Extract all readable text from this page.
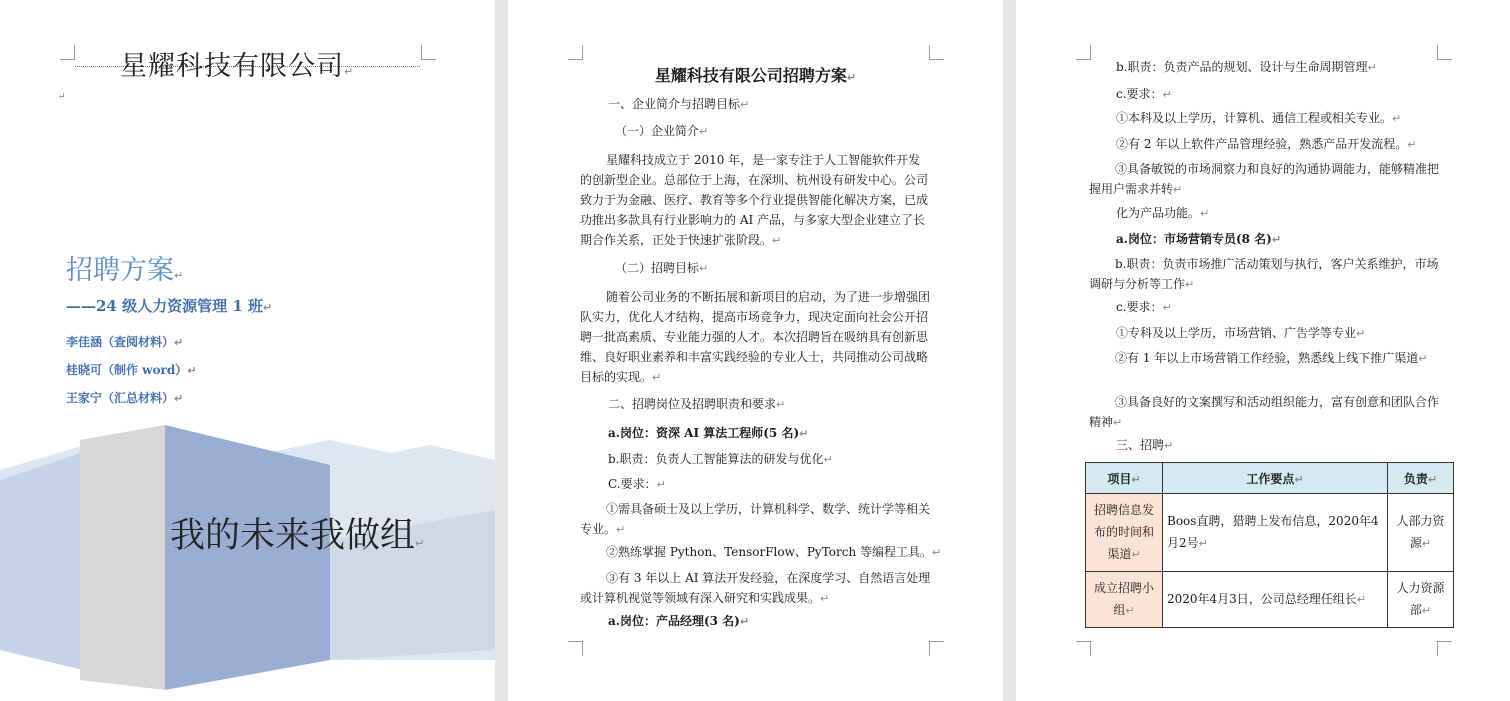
星耀科技有限公司↵
↵
招聘方案↵
——24 级人力资源管理 1 班↵
李佳涵（查阅材料）↵
桂晓可（制作 word）↵
王家宁（汇总材料）↵
我的未来我做组↵
星耀科技有限公司招聘方案↵
一、企业简介与招聘目标↵
（一）企业简介↵
星耀科技成立于 2010 年，是一家专注于人工智能软件开发的创新型企业。总部位于上海，在深圳、杭州设有研发中心。公司致力于为金融、医疗、教育等多个行业提供智能化解决方案，已成功推出多款具有行业影响力的 AI 产品，与多家大型企业建立了长期合作关系，正处于快速扩张阶段。↵
（二）招聘目标↵
随着公司业务的不断拓展和新项目的启动，为了进一步增强团队实力，优化人才结构，提高市场竞争力，现决定面向社会公开招聘一批高素质、专业能力强的人才。本次招聘旨在吸纳具有创新思维、良好职业素养和丰富实践经验的专业人士，共同推动公司战略目标的实现。↵
二、招聘岗位及招聘职责和要求↵
a.岗位：资深 AI 算法工程师(5 名)↵
b.职责：负责人工智能算法的研发与优化↵
C.要求：↵
①需具备硕士及以上学历，计算机科学、数学、统计学等相关专业。↵
②熟练掌握 Python、TensorFlow、PyTorch 等编程工具。↵
③有 3 年以上 AI 算法开发经验，在深度学习、自然语言处理或计算机视觉等领域有深入研究和实践成果。↵
a.岗位：产品经理(3 名)↵
b.职责：负责产品的规划、设计与生命周期管理↵
c.要求：↵
①本科及以上学历，计算机、通信工程或相关专业。↵
②有 2 年以上软件产品管理经验，熟悉产品开发流程。↵
③具备敏锐的市场洞察力和良好的沟通协调能力，能够精准把握用户需求并转↵
化为产品功能。↵
a.岗位：市场营销专员(8 名)↵
b.职责：负责市场推广活动策划与执行，客户关系维护，市场调研与分析等工作↵
c.要求：↵
①专科及以上学历，市场营销、广告学等专业↵
②有 1 年以上市场营销工作经验，熟悉线上线下推广渠道↵
③具备良好的文案撰写和活动组织能力，富有创意和团队合作精神↵
三、招聘↵
项目↵	工作要点↵	负责↵
招聘信息发布的时间和渠道↵	Boos直聘，猎聘上发布信息，2020年4月2号↵	人部力资源↵
成立招聘小组↵	2020年4月3日，公司总经理任组长↵	人力资源部↵
